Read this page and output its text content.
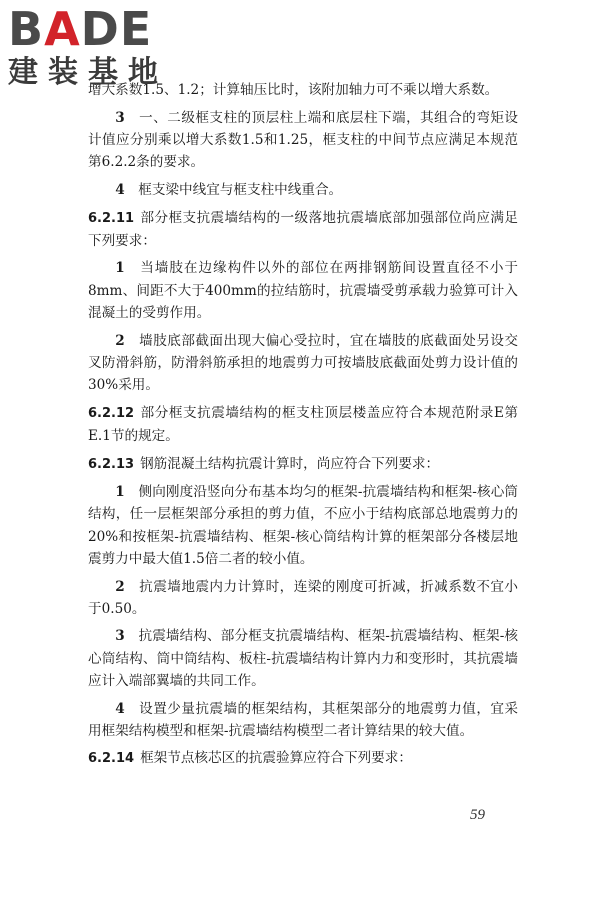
BADE
建装基地

增大系数1.5、1.2；计算轴压比时，该附加轴力可不乘以增大系数。

3　 一、二级框支柱的顶层柱上端和底层柱下端，其组合的弯矩设计值应分别乘以增大系数1.5和1.25，框支柱的中间节点应满足本规范第6.2.2条的要求。

4　 框支梁中线宜与框支柱中线重合。

6.2.11 部分框支抗震墙结构的一级落地抗震墙底部加强部位尚应满足下列要求：

1　 当墙肢在边缘构件以外的部位在两排钢筋间设置直径不小于8mm、间距不大于400mm的拉结筋时，抗震墙受剪承载力验算可计入混凝土的受剪作用。

2　 墙肢底部截面出现大偏心受拉时，宜在墙肢的底截面处另设交叉防滑斜筋，防滑斜筋承担的地震剪力可按墙肢底截面处剪力设计值的30%采用。

6.2.12 部分框支抗震墙结构的框支柱顶层楼盖应符合本规范附录E第E.1节的规定。

6.2.13 钢筋混凝土结构抗震计算时，尚应符合下列要求：

1　 侧向刚度沿竖向分布基本均匀的框架-抗震墙结构和框架-核心筒结构，任一层框架部分承担的剪力值，不应小于结构底部总地震剪力的20%和按框架-抗震墙结构、框架-核心筒结构计算的框架部分各楼层地震剪力中最大值1.5倍二者的较小值。

2　 抗震墙地震内力计算时，连梁的刚度可折减，折减系数不宜小于0.50。

3　 抗震墙结构、部分框支抗震墙结构、框架-抗震墙结构、框架-核心筒结构、筒中筒结构、板柱-抗震墙结构计算内力和变形时，其抗震墙应计入端部翼墙的共同工作。

4　 设置少量抗震墙的框架结构，其框架部分的地震剪力值，宜采用框架结构模型和框架-抗震墙结构模型二者计算结果的较大值。

6.2.14 框架节点核芯区的抗震验算应符合下列要求：

59
